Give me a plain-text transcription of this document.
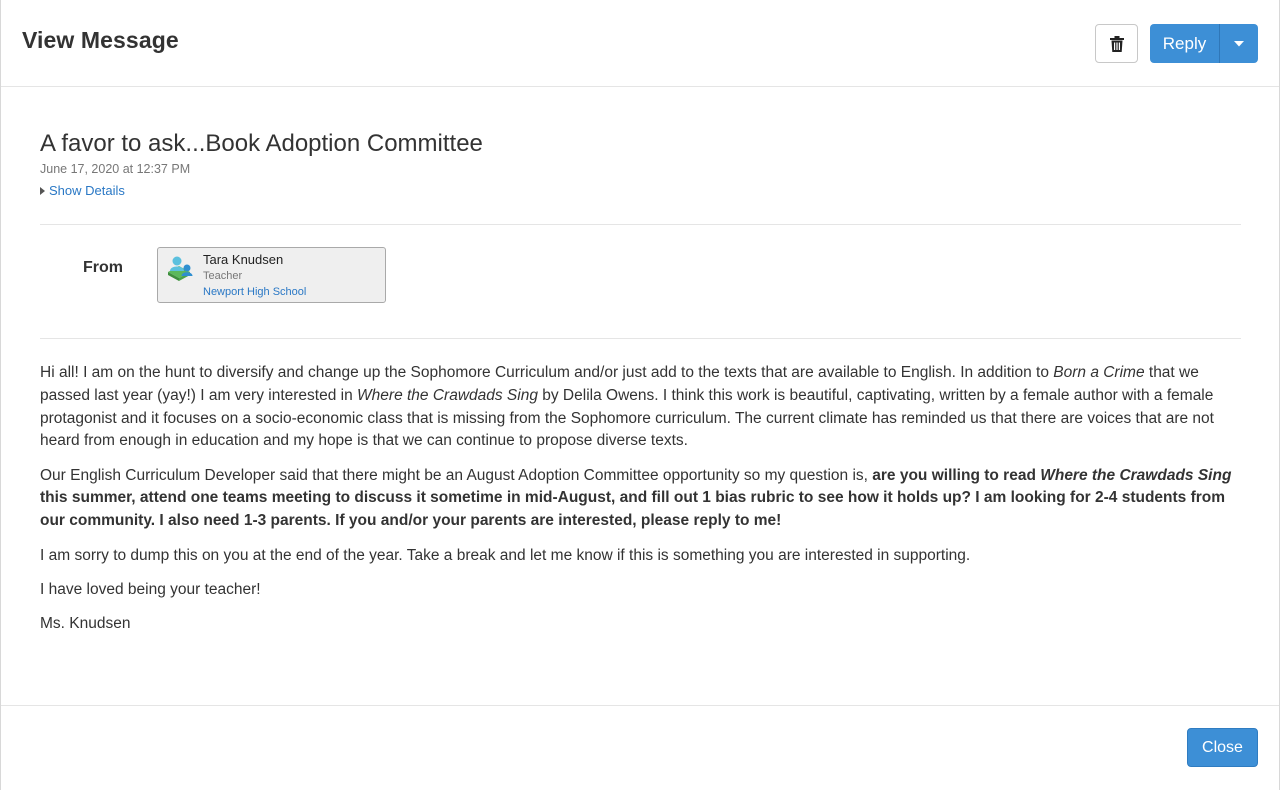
View Message	Reply
A favor to ask...Book Adoption Committee
June 17, 2020 at 12:37 PM
Show Details
From	Tara Knudsen
Teacher
Newport High School

Hi all! I am on the hunt to diversify and change up the Sophomore Curriculum and/or just add to the texts that are available to English. In addition to Born a Crime that we passed last year (yay!) I am very interested in Where the Crawdads Sing by Delila Owens. I think this work is beautiful, captivating, written by a female author with a female protagonist and it focuses on a socio-economic class that is missing from the Sophomore curriculum. The current climate has reminded us that there are voices that are not heard from enough in education and my hope is that we can continue to propose diverse texts.

Our English Curriculum Developer said that there might be an August Adoption Committee opportunity so my question is, are you willing to read Where the Crawdads Sing this summer, attend one teams meeting to discuss it sometime in mid-August, and fill out 1 bias rubric to see how it holds up? I am looking for 2-4 students from our community. I also need 1-3 parents. If you and/or your parents are interested, please reply to me!

I am sorry to dump this on you at the end of the year. Take a break and let me know if this is something you are interested in supporting.

I have loved being your teacher!

Ms. Knudsen

Close
